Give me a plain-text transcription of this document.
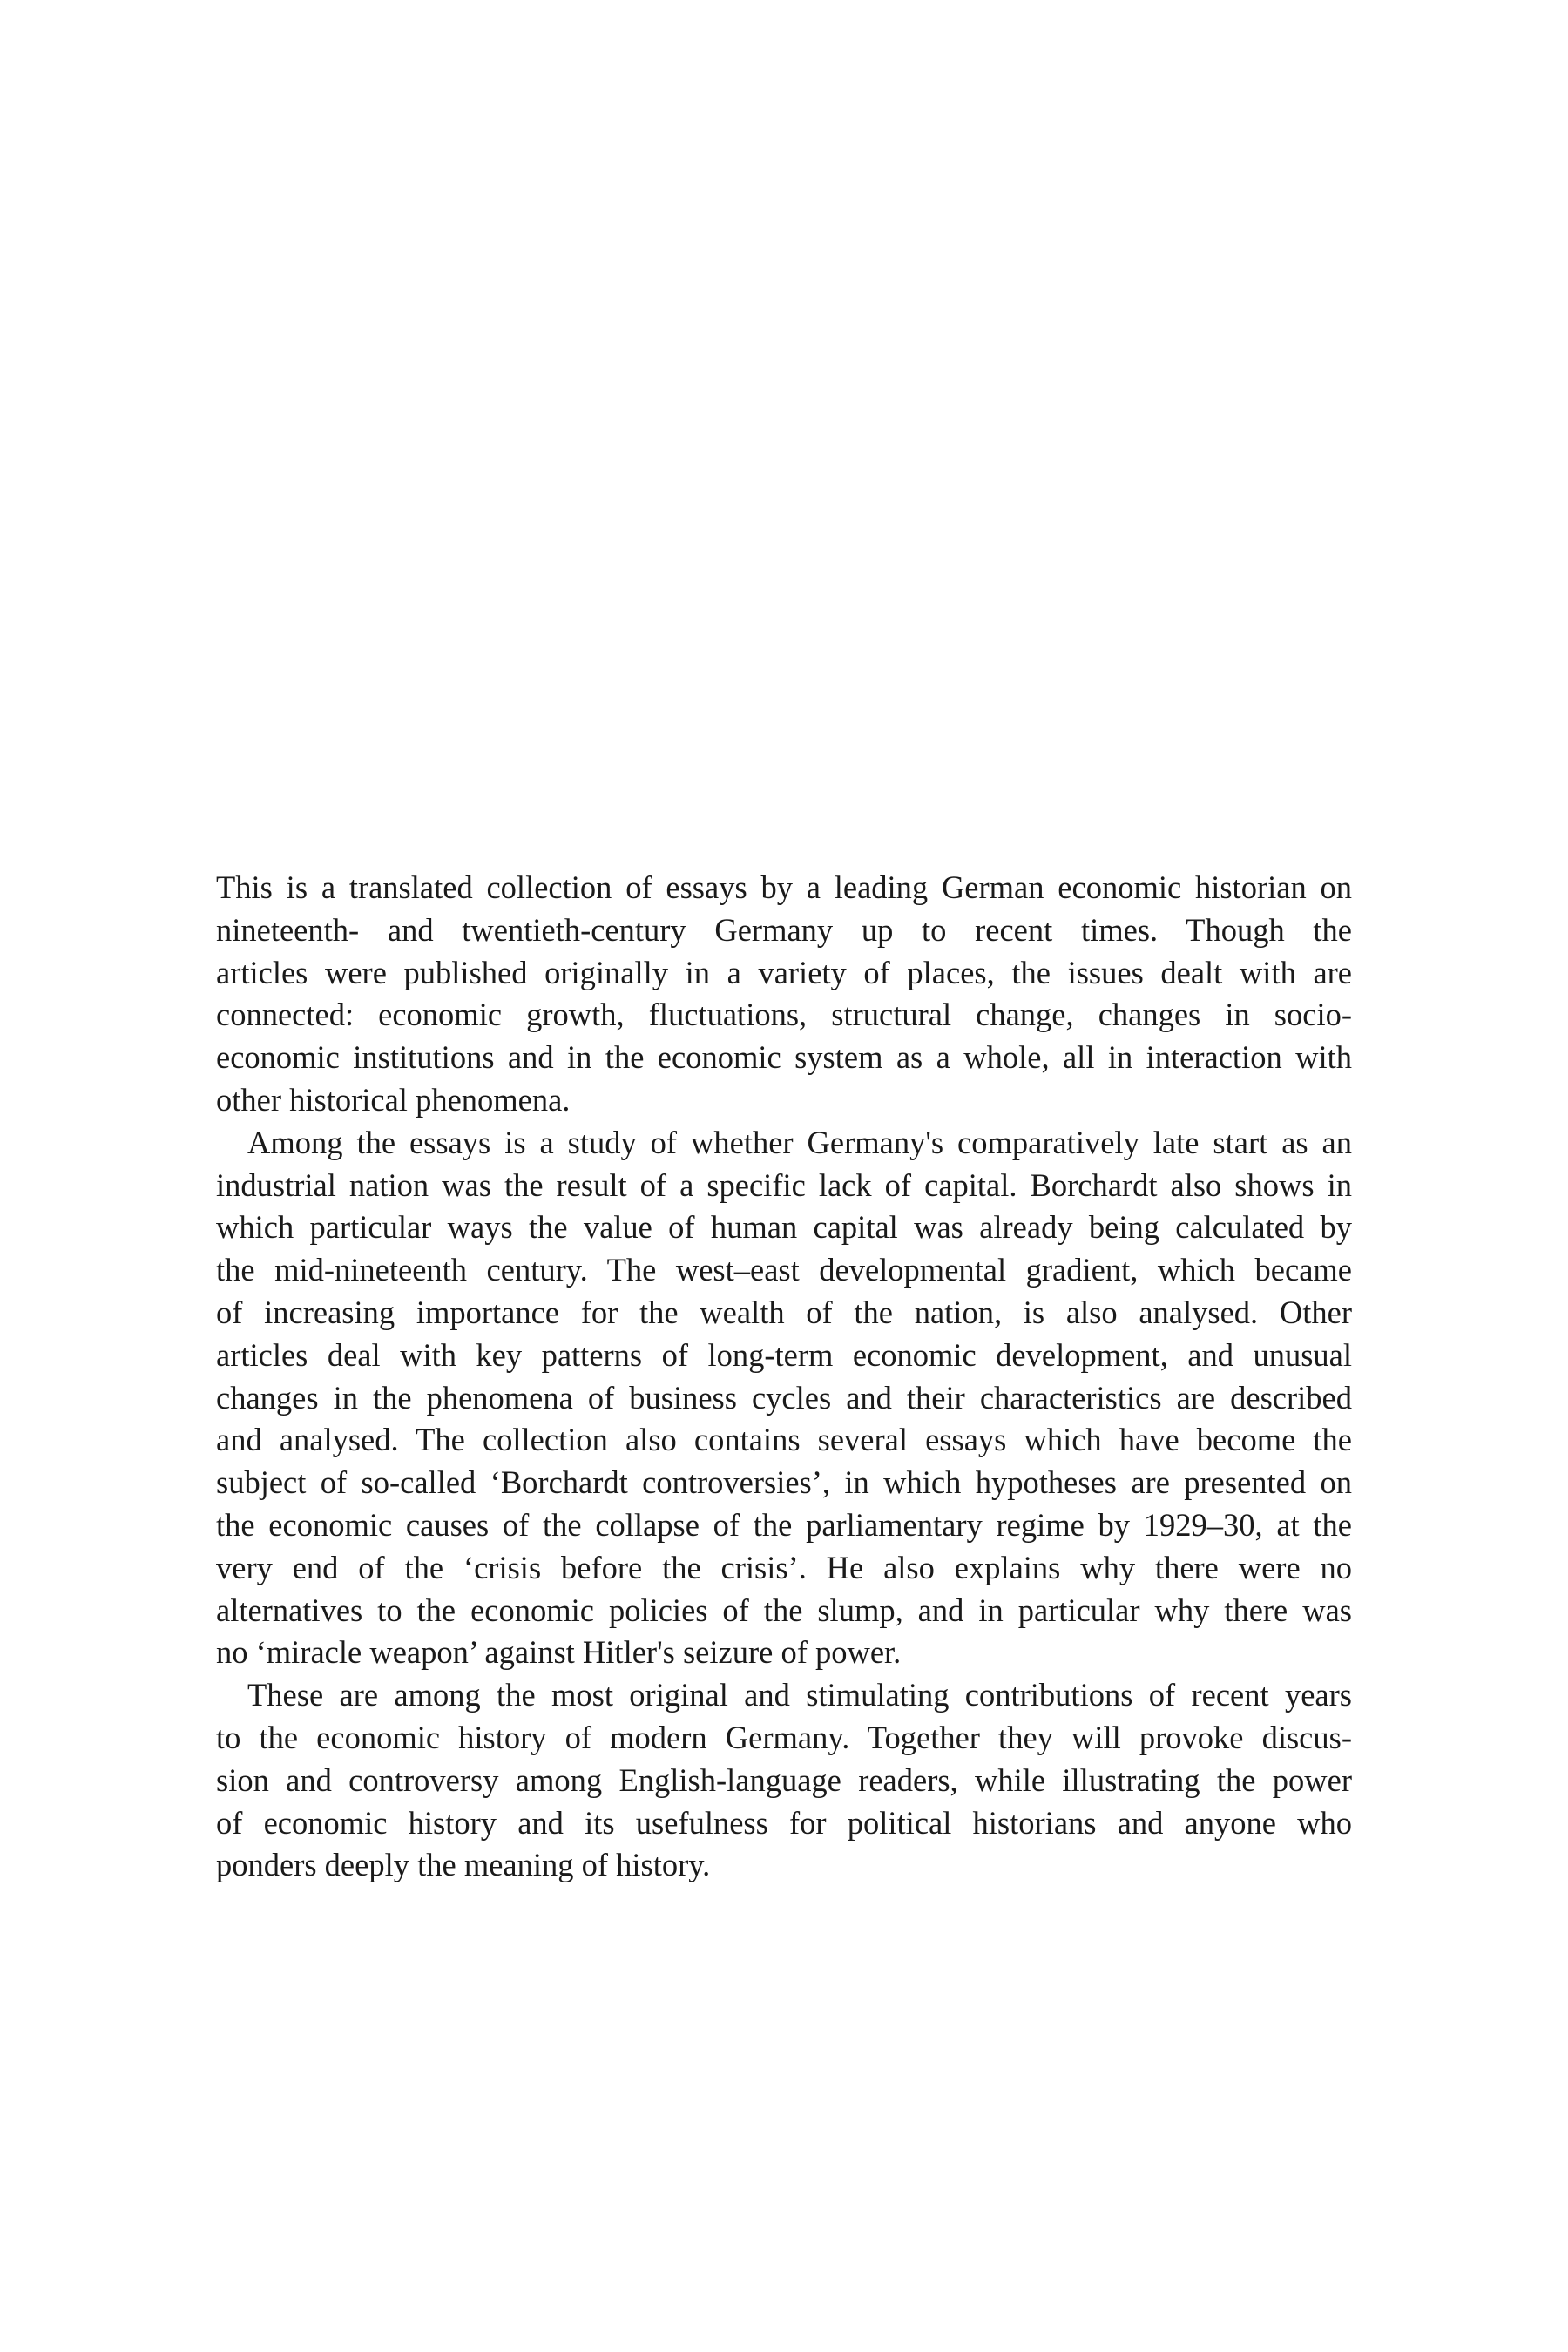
This is a translated collection of essays by a leading German economic historian on
nineteenth- and twentieth-century Germany up to recent times. Though the
articles were published originally in a variety of places, the issues dealt with are
connected: economic growth, fluctuations, structural change, changes in socio-
economic institutions and in the economic system as a whole, all in interaction with
other historical phenomena.

Among the essays is a study of whether Germany's comparatively late start as an
industrial nation was the result of a specific lack of capital. Borchardt also shows in
which particular ways the value of human capital was already being calculated by
the mid-nineteenth century. The west–east developmental gradient, which became
of increasing importance for the wealth of the nation, is also analysed. Other
articles deal with key patterns of long-term economic development, and unusual
changes in the phenomena of business cycles and their characteristics are described
and analysed. The collection also contains several essays which have become the
subject of so-called ‘Borchardt controversies’, in which hypotheses are presented on
the economic causes of the collapse of the parliamentary regime by 1929–30, at the
very end of the ‘crisis before the crisis’. He also explains why there were no
alternatives to the economic policies of the slump, and in particular why there was
no ‘miracle weapon’ against Hitler's seizure of power.

These are among the most original and stimulating contributions of recent years
to the economic history of modern Germany. Together they will provoke discus-
sion and controversy among English-language readers, while illustrating the power
of economic history and its usefulness for political historians and anyone who
ponders deeply the meaning of history.
